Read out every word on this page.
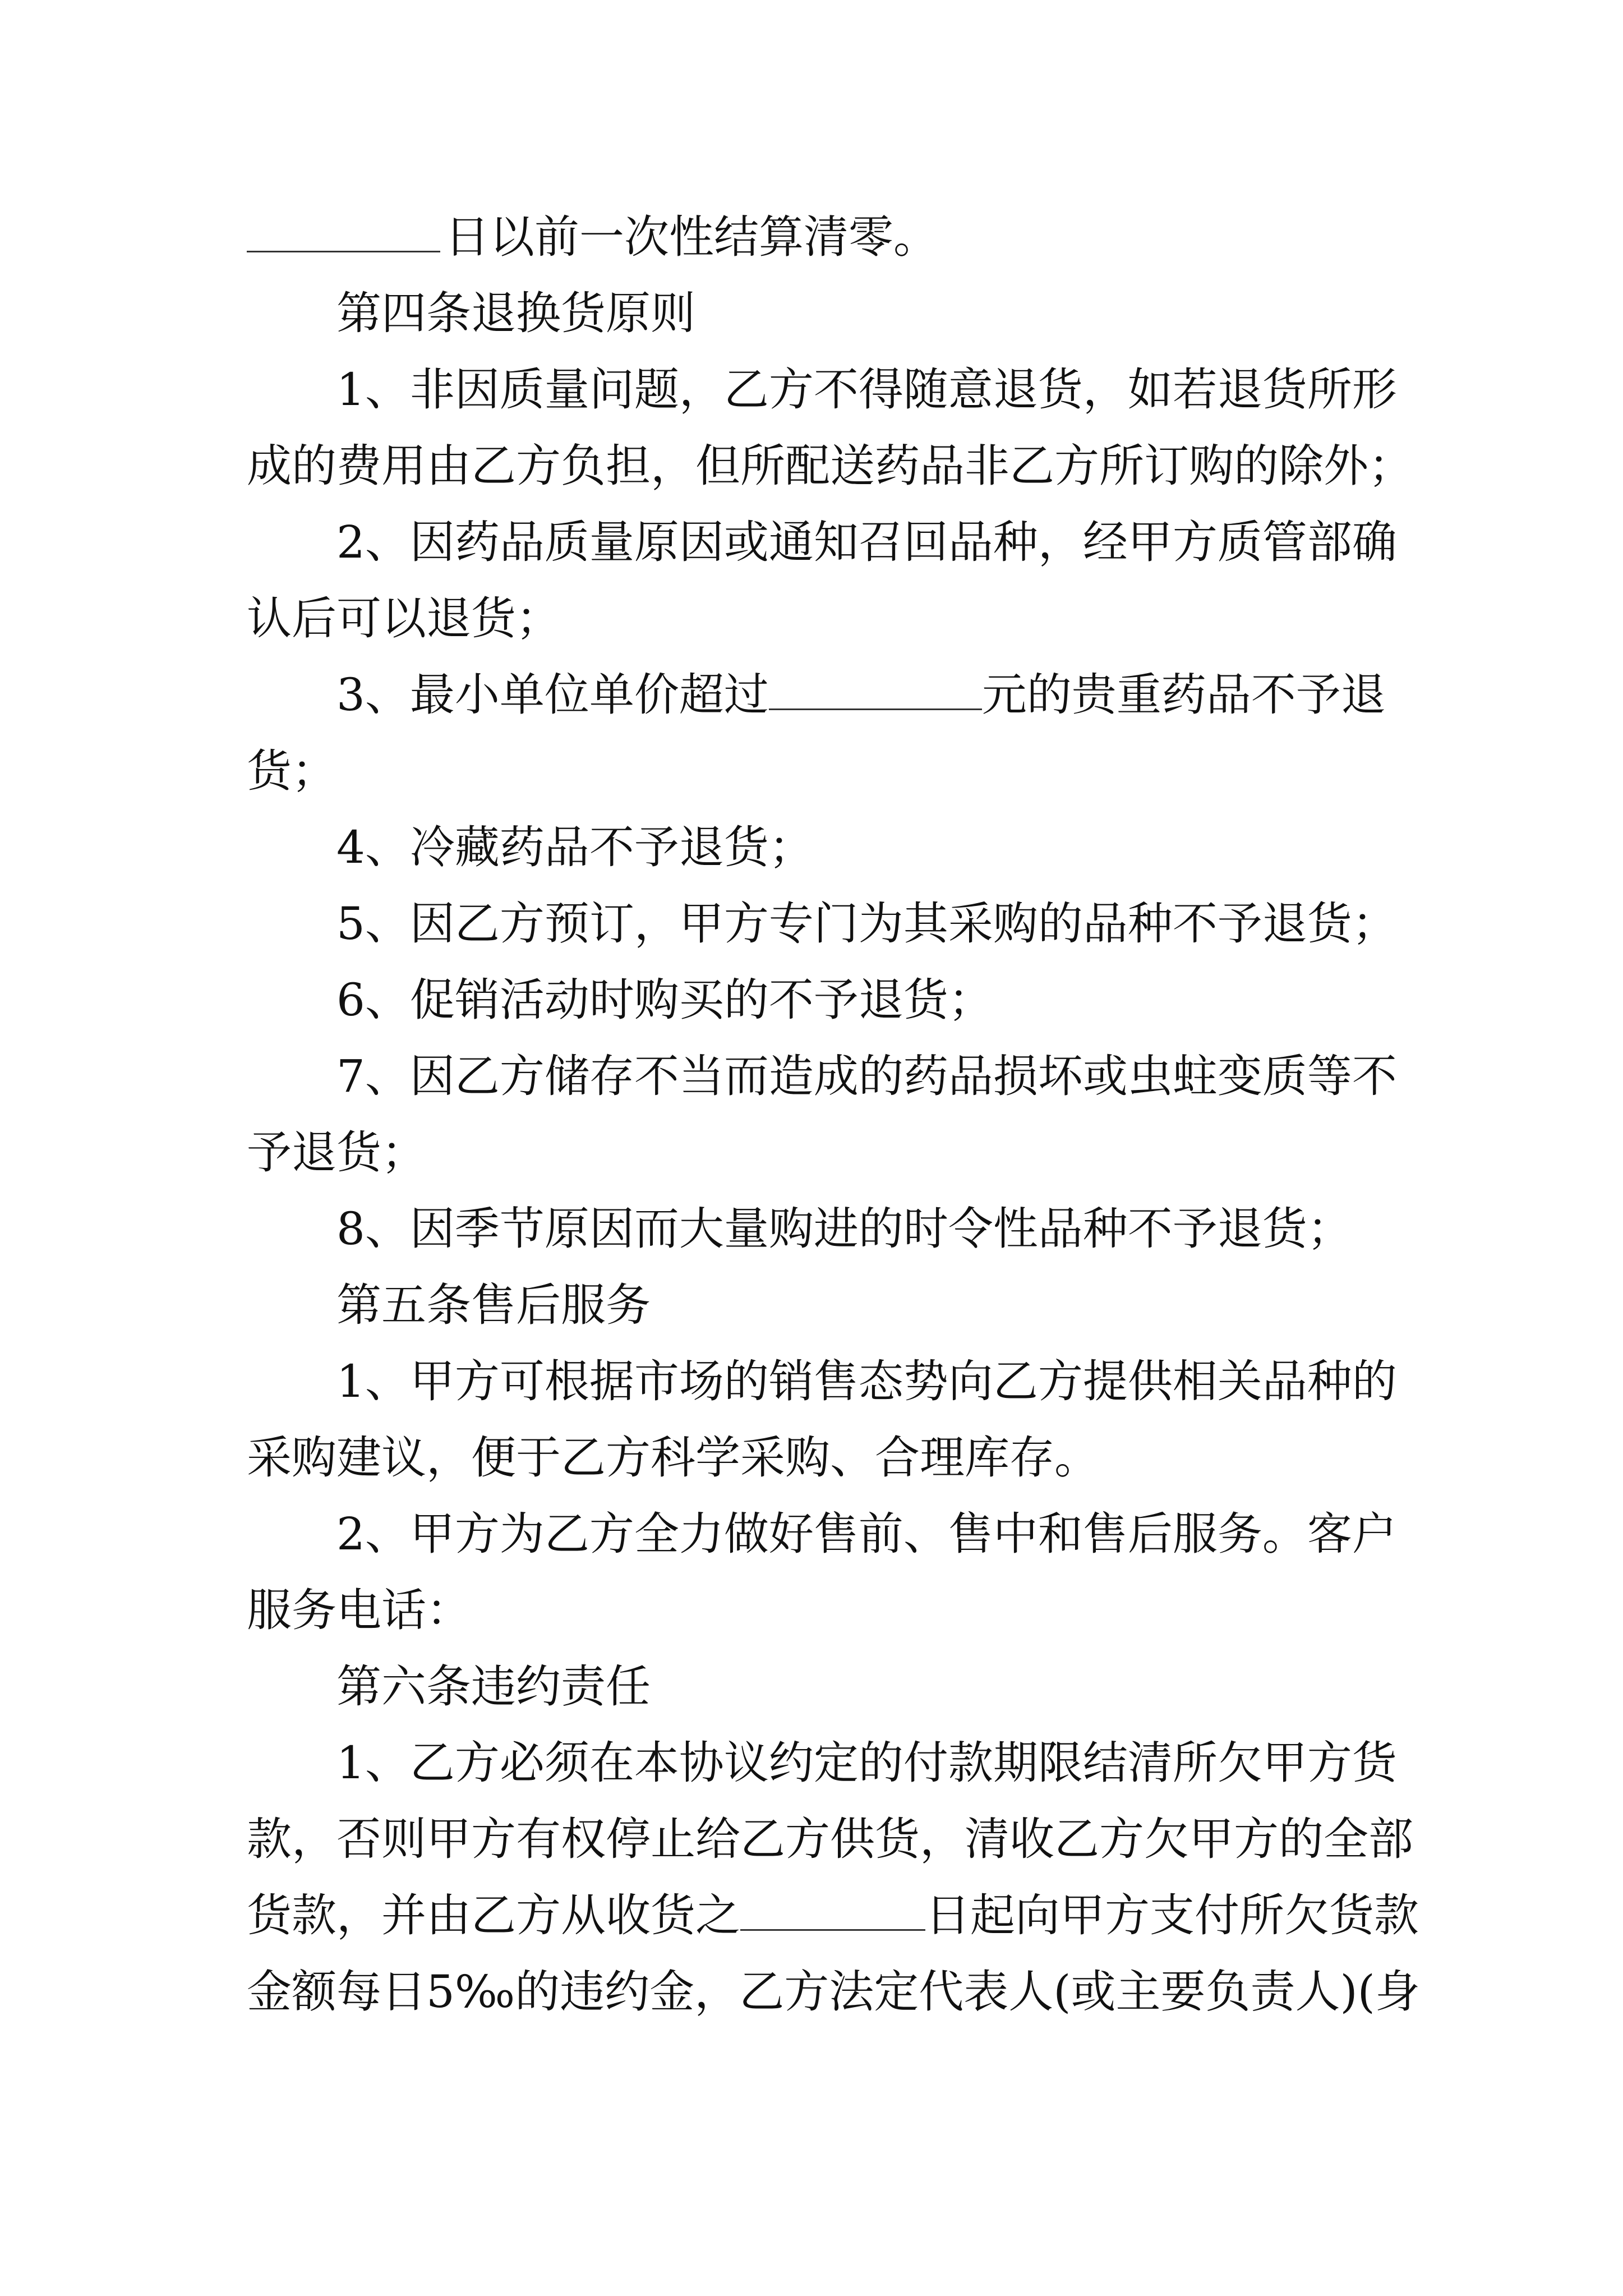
日以前一次性结算清零。

第四条退换货原则

1、非因质量问题，乙方不得随意退货，如若退货所形

成的费用由乙方负担，但所配送药品非乙方所订购的除外；

2、因药品质量原因或通知召回品种，经甲方质管部确

认后可以退货；

3、最小单位单价超过	元的贵重药品不予退

货；

4、冷藏药品不予退货；

5、因乙方预订，甲方专门为其采购的品种不予退货；

6、促销活动时购买的不予退货；

7、因乙方储存不当而造成的药品损坏或虫蛀变质等不

予退货；

8、因季节原因而大量购进的时令性品种不予退货；

第五条售后服务

1、甲方可根据市场的销售态势向乙方提供相关品种的

采购建议，便于乙方科学采购、合理库存。

2、甲方为乙方全力做好售前、售中和售后服务。客户

服务电话：

第六条违约责任

1、乙方必须在本协议约定的付款期限结清所欠甲方货

款，否则甲方有权停止给乙方供货，清收乙方欠甲方的全部

货款，并由乙方从收货之	日起向甲方支付所欠货款

金额每日5‰的违约金，乙方法定代表人(或主要负责人)(身
